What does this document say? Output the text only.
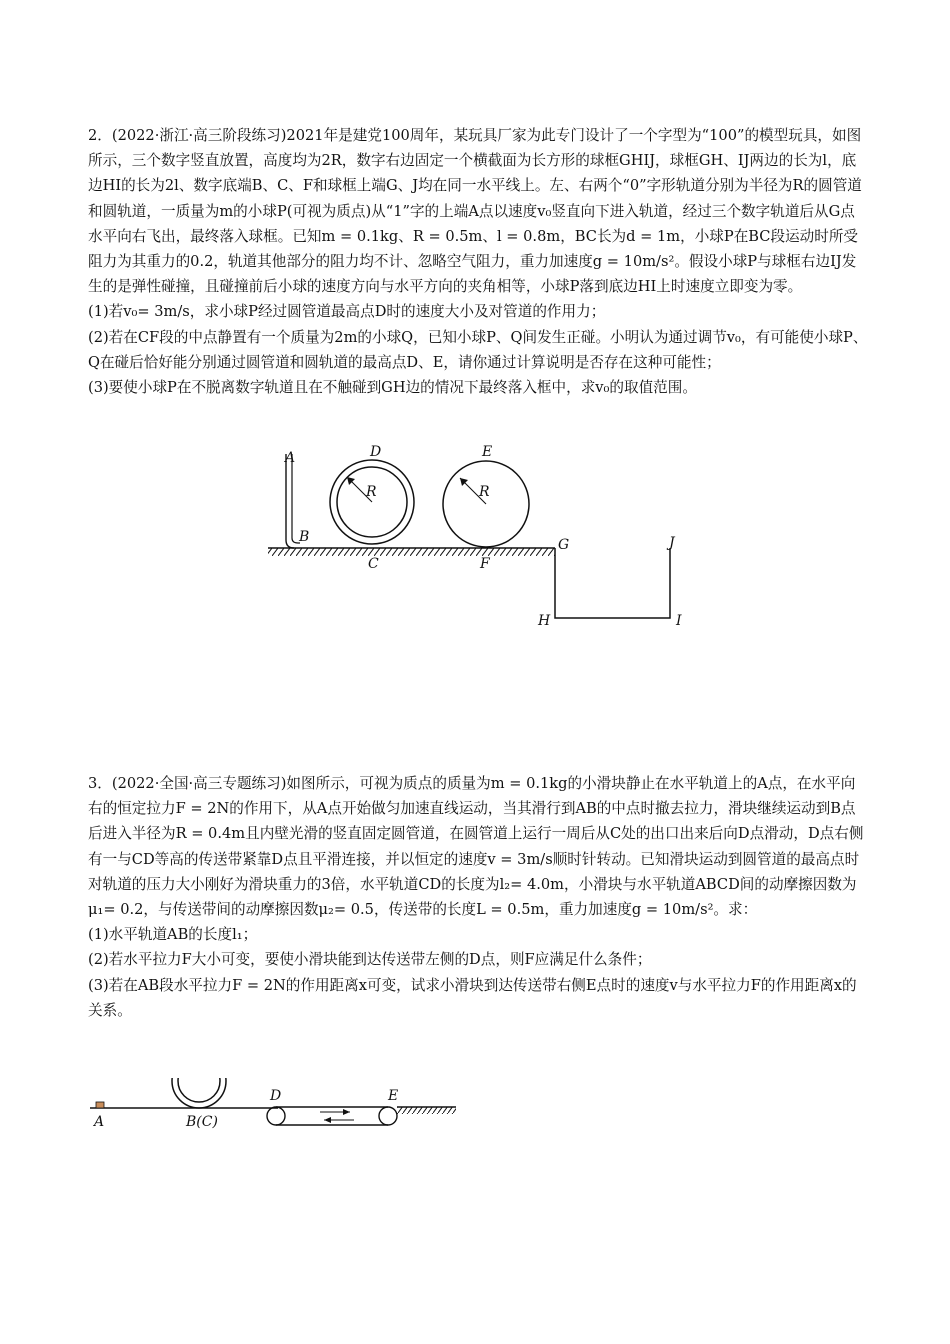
2．(2022·浙江·高三阶段练习)2021年是建党100周年，某玩具厂家为此专门设计了一个字型为“100”的模型玩具，如图所示，三个数字竖直放置，高度均为2R，数字右边固定一个横截面为长方形的球框GHIJ，球框GH、IJ两边的长为l，底边HI的长为2l、数字底端B、C、F和球框上端G、J均在同一水平线上。左、右两个“0”字形轨道分别为半径为R的圆管道和圆轨道，一质量为m的小球P(可视为质点)从“1”字的上端A点以速度v₀竖直向下进入轨道，经过三个数字轨道后从G点水平向右飞出，最终落入球框。已知m = 0.1kg、R = 0.5m、l = 0.8m，BC长为d = 1m，小球P在BC段运动时所受阻力为其重力的0.2，轨道其他部分的阻力均不计、忽略空气阻力，重力加速度g = 10m/s²。假设小球P与球框右边IJ发生的是弹性碰撞，且碰撞前后小球的速度方向与水平方向的夹角相等，小球P落到底边HI上时速度立即变为零。

(1)若v₀= 3m/s，求小球P经过圆管道最高点D时的速度大小及对管道的作用力；

(2)若在CF段的中点静置有一个质量为2m的小球Q，已知小球P、Q间发生正碰。小明认为通过调节v₀，有可能使小球P、Q在碰后恰好能分别通过圆管道和圆轨道的最高点D、E，请你通过计算说明是否存在这种可能性；

(3)要使小球P在不脱离数字轨道且在不触碰到GH边的情况下最终落入框中，求v₀的取值范围。

A
B
C
D	E
F
G
H	I
J
R	R

3．(2022·全国·高三专题练习)如图所示，可视为质点的质量为m = 0.1kg的小滑块静止在水平轨道上的A点，在水平向右的恒定拉力F = 2N的作用下，从A点开始做匀加速直线运动，当其滑行到AB的中点时撤去拉力，滑块继续运动到B点后进入半径为R = 0.4m且内壁光滑的竖直固定圆管道，在圆管道上运行一周后从C处的出口出来后向D点滑动，D点右侧有一与CD等高的传送带紧靠D点且平滑连接，并以恒定的速度v = 3m/s顺时针转动。已知滑块运动到圆管道的最高点时对轨道的压力大小刚好为滑块重力的3倍，水平轨道CD的长度为l₂= 4.0m，小滑块与水平轨道ABCD间的动摩擦因数为μ₁= 0.2，与传送带间的动摩擦因数μ₂= 0.5，传送带的长度L = 0.5m，重力加速度g = 10m/s²。求：

(1)水平轨道AB的长度l₁；

(2)若水平拉力F大小可变，要使小滑块能到达传送带左侧的D点，则F应满足什么条件；

(3)若在AB段水平拉力F = 2N的作用距离x可变，试求小滑块到达传送带右侧E点时的速度v与水平拉力F的作用距离x的关系。

A	B(C)
D	E
